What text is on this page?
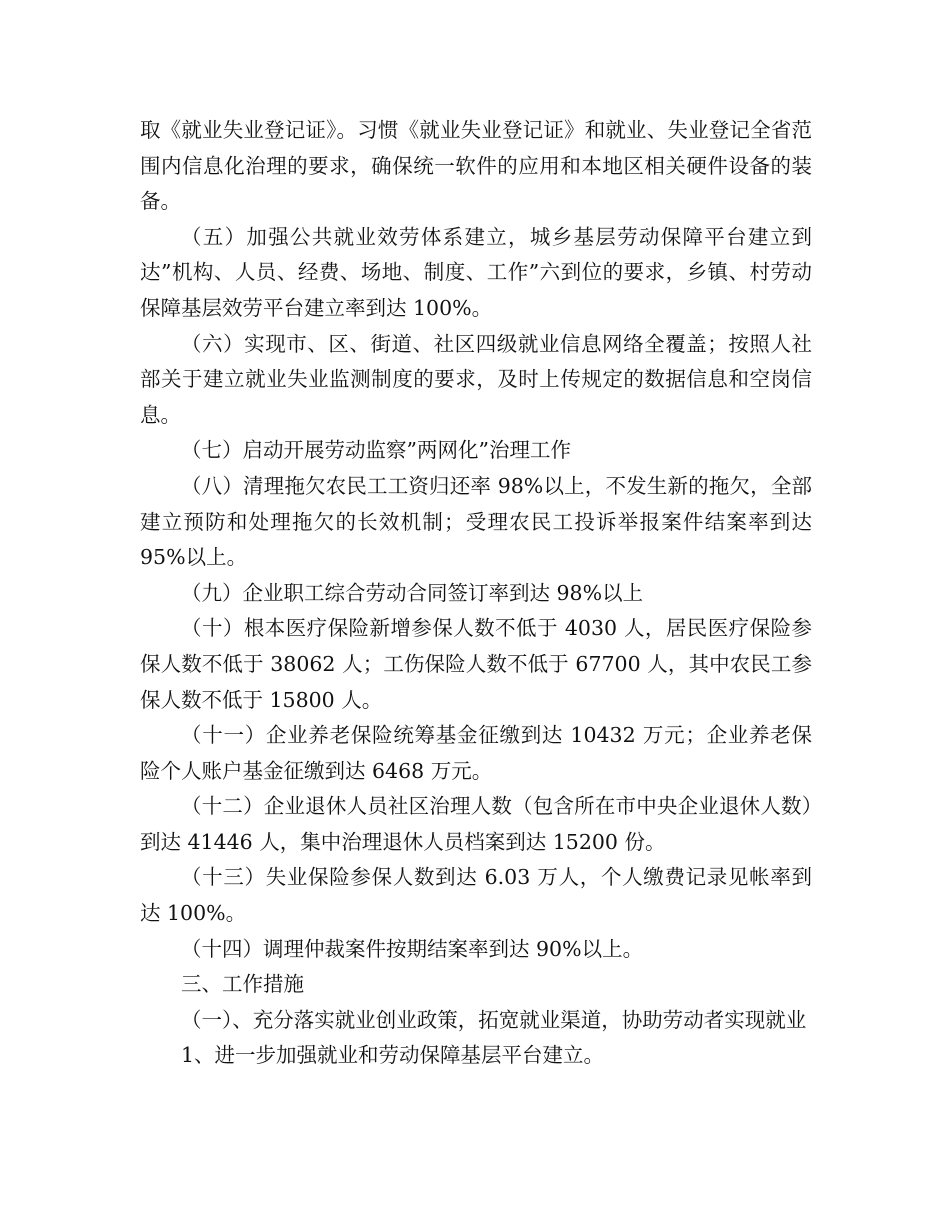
取《就业失业登记证》。习惯《就业失业登记证》和就业、失业登记全省范围内信息化治理的要求，确保统一软件的应用和本地区相关硬件设备的装备。

（五）加强公共就业效劳体系建立，城乡基层劳动保障平台建立到达”机构、人员、经费、场地、制度、工作”六到位的要求，乡镇、村劳动保障基层效劳平台建立率到达 100%。

（六）实现市、区、街道、社区四级就业信息网络全覆盖；按照人社部关于建立就业失业监测制度的要求，及时上传规定的数据信息和空岗信息。

（七）启动开展劳动监察”两网化”治理工作

（八）清理拖欠农民工工资归还率 98%以上，不发生新的拖欠，全部建立预防和处理拖欠的长效机制；受理农民工投诉举报案件结案率到达 95%以上。

（九）企业职工综合劳动合同签订率到达 98%以上

（十）根本医疗保险新增参保人数不低于 4030 人，居民医疗保险参保人数不低于 38062 人；工伤保险人数不低于 67700 人，其中农民工参保人数不低于 15800 人。

（十一）企业养老保险统筹基金征缴到达 10432 万元；企业养老保险个人账户基金征缴到达 6468 万元。

（十二）企业退休人员社区治理人数（包含所在市中央企业退休人数）到达 41446 人，集中治理退休人员档案到达 15200 份。

（十三）失业保险参保人数到达 6.03 万人，个人缴费记录见帐率到达 100%。

（十四）调理仲裁案件按期结案率到达 90%以上。

三、工作措施

（一）、充分落实就业创业政策，拓宽就业渠道，协助劳动者实现就业

1、进一步加强就业和劳动保障基层平台建立。
